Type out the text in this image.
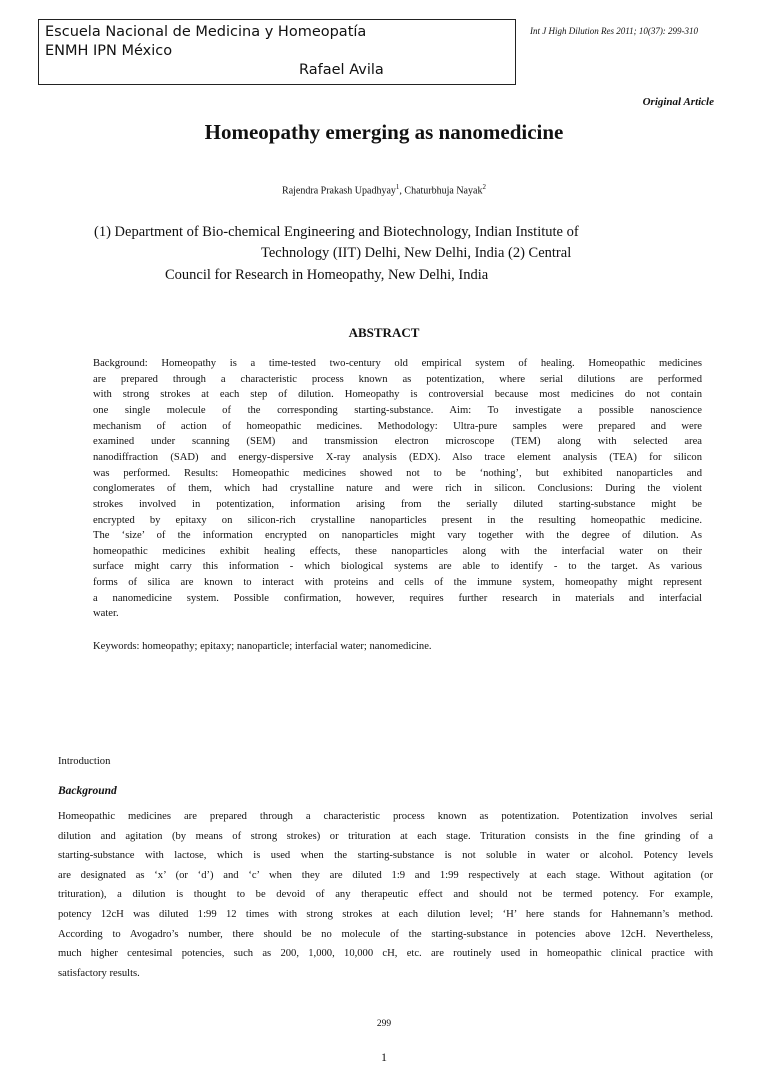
Escuela Nacional de Medicina y Homeopatía
ENMH IPN México
Rafael Avila
Int J High Dilution Res 2011; 10(37): 299-310
Original Article
Homeopathy emerging as nanomedicine
Rajendra Prakash Upadhyay$^1$, Chaturbhuja Nayak$^2$
(1) Department of Bio-chemical Engineering and Biotechnology, Indian Institute of
Technology (IIT) Delhi, New Delhi, India (2) Central
Council for Research in Homeopathy, New Delhi, India
ABSTRACT
Background: Homeopathy is a time-tested two-century old empirical system of healing. Homeopathic medicines
are prepared through a characteristic process known as potentization, where serial dilutions are performed
with strong strokes at each step of dilution. Homeopathy is controversial because most medicines do not contain
one single molecule of the corresponding starting-substance. Aim: To investigate a possible nanoscience
mechanism of action of homeopathic medicines. Methodology: Ultra-pure samples were prepared and were
examined under scanning (SEM) and transmission electron microscope (TEM) along with selected area
nanodiffraction (SAD) and energy-dispersive X-ray analysis (EDX). Also trace element analysis (TEA) for silicon
was performed. Results: Homeopathic medicines showed not to be ‘nothing’, but exhibited nanoparticles and
conglomerates of them, which had crystalline nature and were rich in silicon. Conclusions: During the violent
strokes involved in potentization, information arising from the serially diluted starting-substance might be
encrypted by epitaxy on silicon-rich crystalline nanoparticles present in the resulting homeopathic medicine.
The ‘size’ of the information encrypted on nanoparticles might vary together with the degree of dilution. As
homeopathic medicines exhibit healing effects, these nanoparticles along with the interfacial water on their
surface might carry this information - which biological systems are able to identify - to the target. As various
forms of silica are known to interact with proteins and cells of the immune system, homeopathy might represent
a nanomedicine system. Possible confirmation, however, requires further research in materials and interfacial
water.
Keywords: homeopathy; epitaxy; nanoparticle; interfacial water; nanomedicine.
Introduction
Background
Homeopathic medicines are prepared through a characteristic process known as potentization. Potentization involves serial
dilution and agitation (by means of strong strokes) or trituration at each stage. Trituration consists in the fine grinding of a
starting-substance with lactose, which is used when the starting-substance is not soluble in water or alcohol. Potency levels
are designated as ‘x’ (or ‘d’) and ‘c’ when they are diluted 1:9 and 1:99 respectively at each stage. Without agitation (or
trituration), a dilution is thought to be devoid of any therapeutic effect and should not be termed potency. For example,
potency 12cH was diluted 1:99 12 times with strong strokes at each dilution level; ‘H’ here stands for Hahnemann’s method.
According to Avogadro’s number, there should be no molecule of the starting-substance in potencies above 12cH. Nevertheless,
much higher centesimal potencies, such as 200, 1,000, 10,000 cH, etc. are routinely used in homeopathic clinical practice with
satisfactory results.
299
1
